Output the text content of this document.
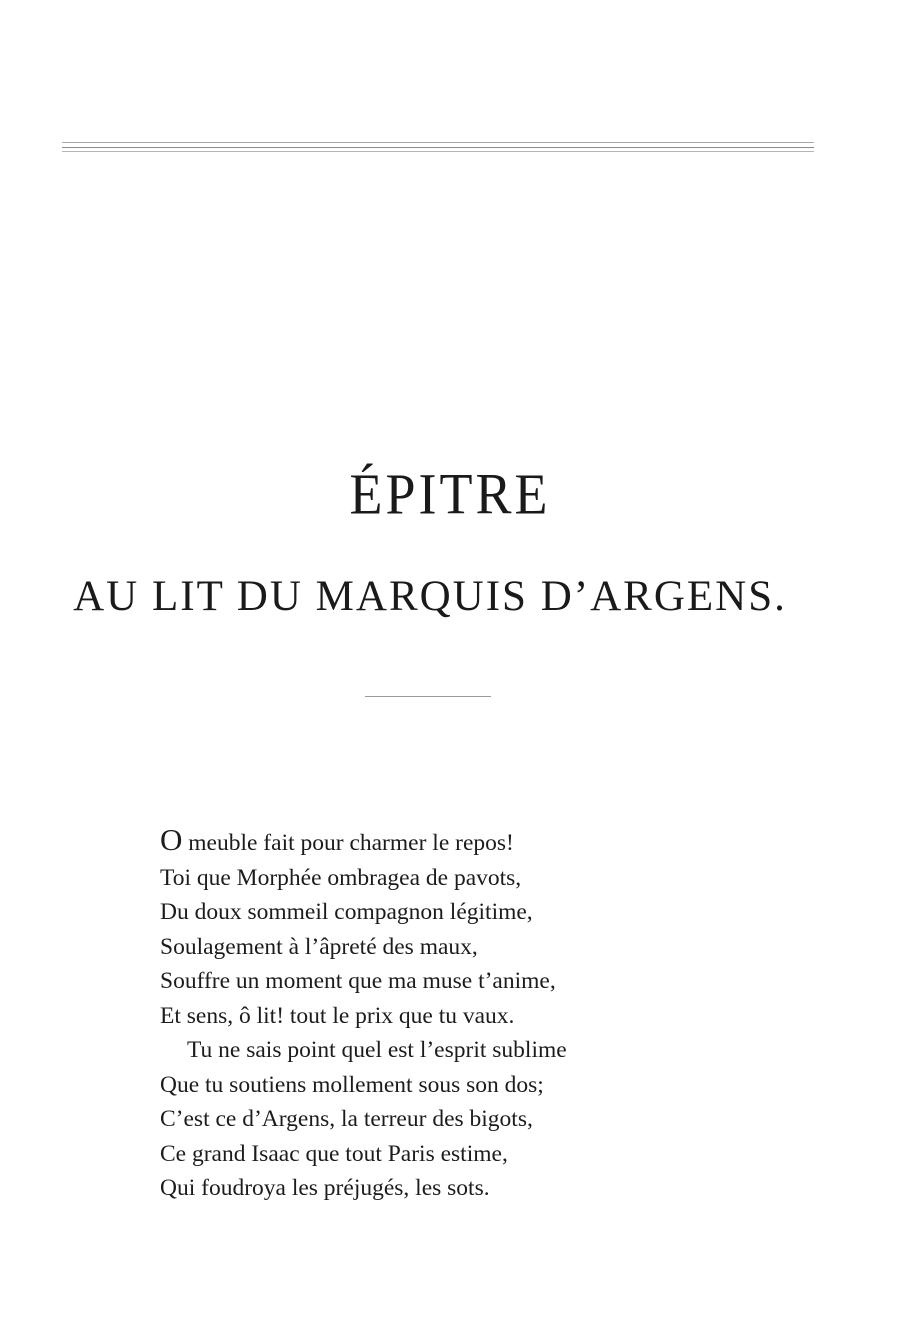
ÉPITRE
AU LIT DU MARQUIS D’ARGENS.
O meuble fait pour charmer le repos!
Toi que Morphée ombragea de pavots,
Du doux sommeil compagnon légitime,
Soulagement à l’âpreté des maux,
Souffre un moment que ma muse t’anime,
Et sens, ô lit! tout le prix que tu vaux.
Tu ne sais point quel est l’esprit sublime
Que tu soutiens mollement sous son dos;
C’est ce d’Argens, la terreur des bigots,
Ce grand Isaac que tout Paris estime,
Qui foudroya les préjugés, les sots.
